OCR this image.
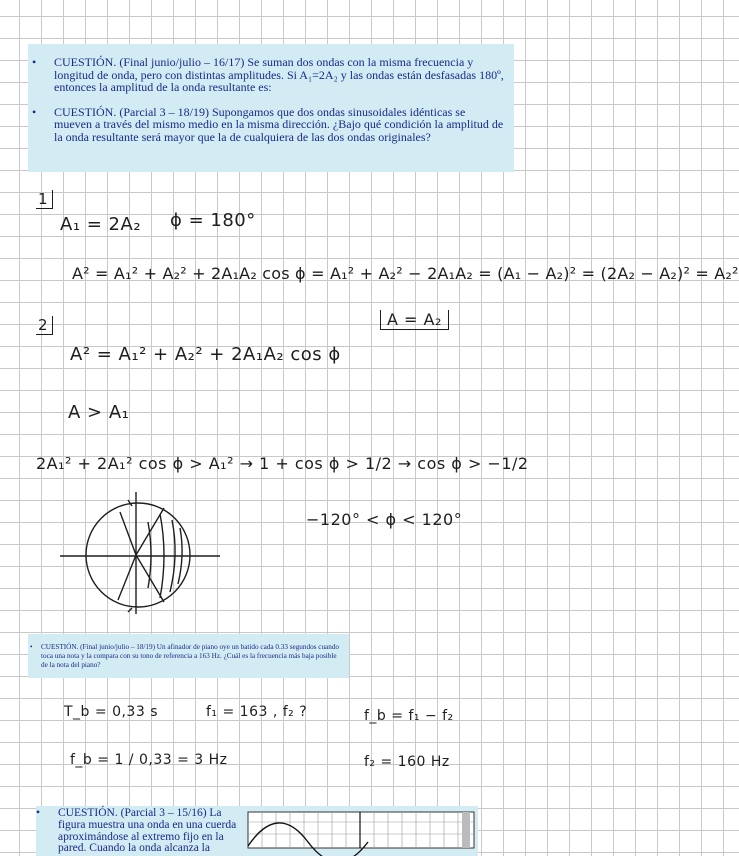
• CUESTIÓN. (Final junio/julio – 16/17) Se suman dos ondas con la misma frecuencia y longitud de onda, pero con distintas amplitudes. Si A₁=2A₂ y las ondas están desfasadas 180º, entonces la amplitud de la onda resultante es:
• CUESTIÓN. (Parcial 3 – 18/19) Supongamos que dos ondas sinusoidales idénticas se mueven a través del mismo medio en la misma dirección. ¿Bajo qué condición la amplitud de la onda resultante será mayor que la de cualquiera de las dos ondas originales?
1
A₁ = 2A₂ ϕ = 180°
A² = A₁² + A₂² + 2A₁A₂ cos ϕ = A₁² + A₂² − 2A₁A₂ = (A₁ − A₂)² = (2A₂ − A₂)² = A₂²
A = A₂
2
A² = A₁² + A₂² + 2A₁A₂ cos ϕ
A > A₁
2A₁² + 2A₁² cos ϕ > A₁² → 1 + cos ϕ > 1/2 → cos ϕ > −1/2
−120° < ϕ < 120°
• CUESTIÓN. (Final junio/julio – 18/19) Un afinador de piano oye un batido cada 0.33 segundos cuando toca una nota y la compara con su tono de referencia a 163 Hz. ¿Cuál es la frecuencia más baja posible de la nota del piano?
T_b = 0,33 s	f₁ = 163 , f₂ ?	f_b = f₁ − f₂
f_b = 1 / 0,33 = 3 Hz	f₂ = 160 Hz
• CUESTIÓN. (Parcial 3 – 15/16) La figura muestra una onda en una cuerda aproximándose al extremo fijo en la pared. Cuando la onda alcanza la
